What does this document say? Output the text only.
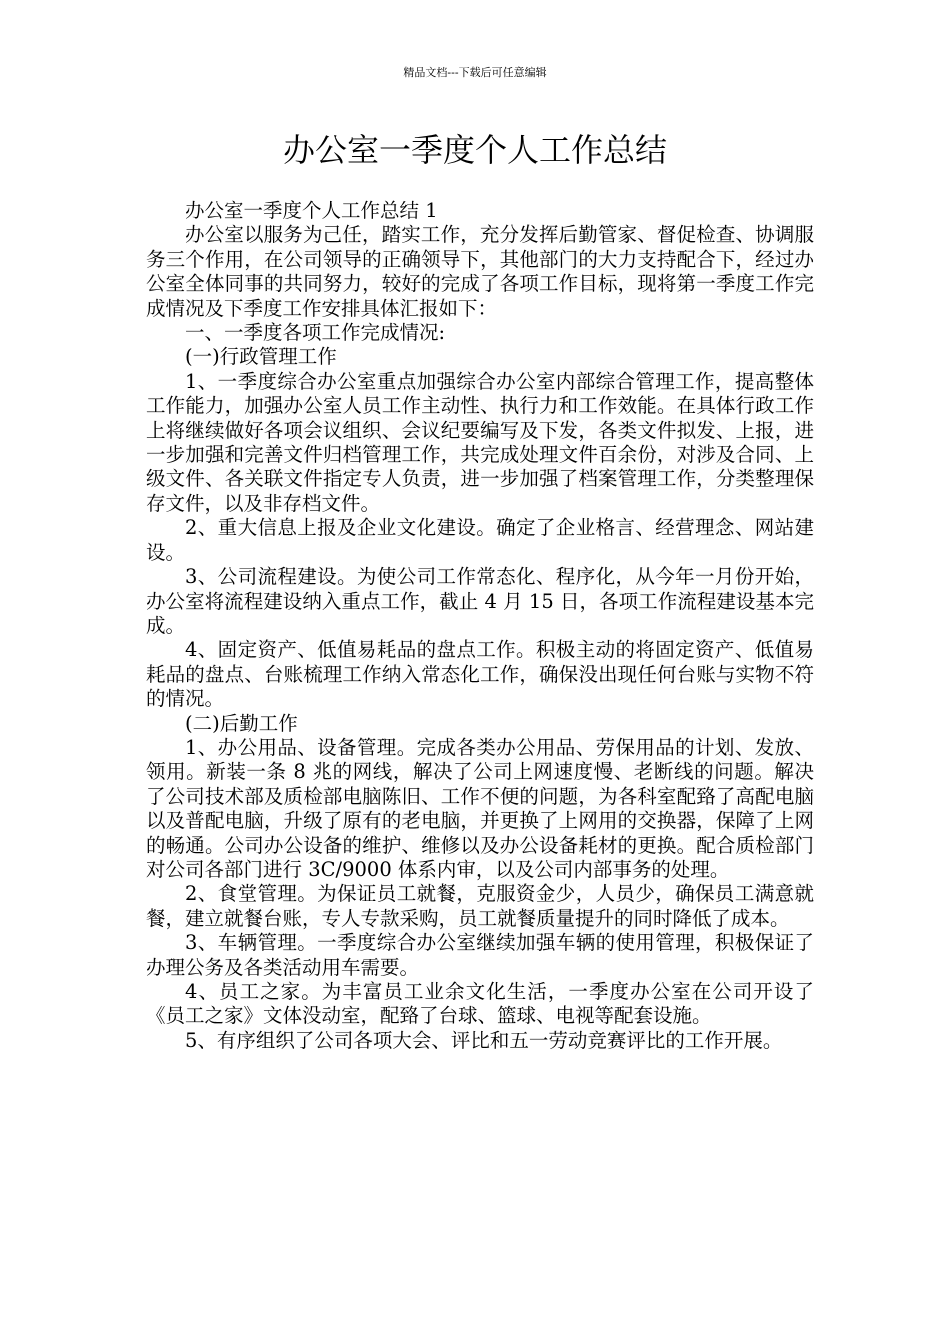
精品文档---下载后可任意编辑
办公室一季度个人工作总结

办公室一季度个人工作总结 1

办公室以服务为己任，踏实工作，充分发挥后勤管家、督促检查、协调服务三个作用，在公司领导的正确领导下，其他部门的大力支持配合下，经过办公室全体同事的共同努力，较好的完成了各项工作目标，现将第一季度工作完成情况及下季度工作安排具体汇报如下：

一、一季度各项工作完成情况:

(一)行政管理工作

1、一季度综合办公室重点加强综合办公室内部综合管理工作，提高整体工作能力，加强办公室人员工作主动性、执行力和工作效能。在具体行政工作上将继续做好各项会议组织、会议纪要编写及下发，各类文件拟发、上报，进一步加强和完善文件归档管理工作，共完成处理文件百余份，对涉及合同、上级文件、各关联文件指定专人负责，进一步加强了档案管理工作，分类整理保存文件，以及非存档文件。

2、重大信息上报及企业文化建设。确定了企业格言、经营理念、网站建设。

3、公司流程建设。为使公司工作常态化、程序化，从今年一月份开始，办公室将流程建设纳入重点工作，截止 4 月 15 日，各项工作流程建设基本完成。

4、固定资产、低值易耗品的盘点工作。积极主动的将固定资产、低值易耗品的盘点、台账梳理工作纳入常态化工作，确保没出现任何台账与实物不符的情况。

(二)后勤工作

1、办公用品、设备管理。完成各类办公用品、劳保用品的计划、发放、领用。新装一条 8 兆的网线，解决了公司上网速度慢、老断线的问题。解决了公司技术部及质检部电脑陈旧、工作不便的问题，为各科室配臵了高配电脑以及普配电脑，升级了原有的老电脑，并更换了上网用的交换器，保障了上网的畅通。公司办公设备的维护、维修以及办公设备耗材的更换。配合质检部门对公司各部门进行 3C/9000 体系内审，以及公司内部事务的处理。

2、食堂管理。为保证员工就餐，克服资金少，人员少，确保员工满意就餐，建立就餐台账，专人专款采购，员工就餐质量提升的同时降低了成本。

3、车辆管理。一季度综合办公室继续加强车辆的使用管理，积极保证了办理公务及各类活动用车需要。

4、员工之家。为丰富员工业余文化生活，一季度办公室在公司开设了《员工之家》文体没动室，配臵了台球、篮球、电视等配套设施。

5、有序组织了公司各项大会、评比和五一劳动竞赛评比的工作开展。
